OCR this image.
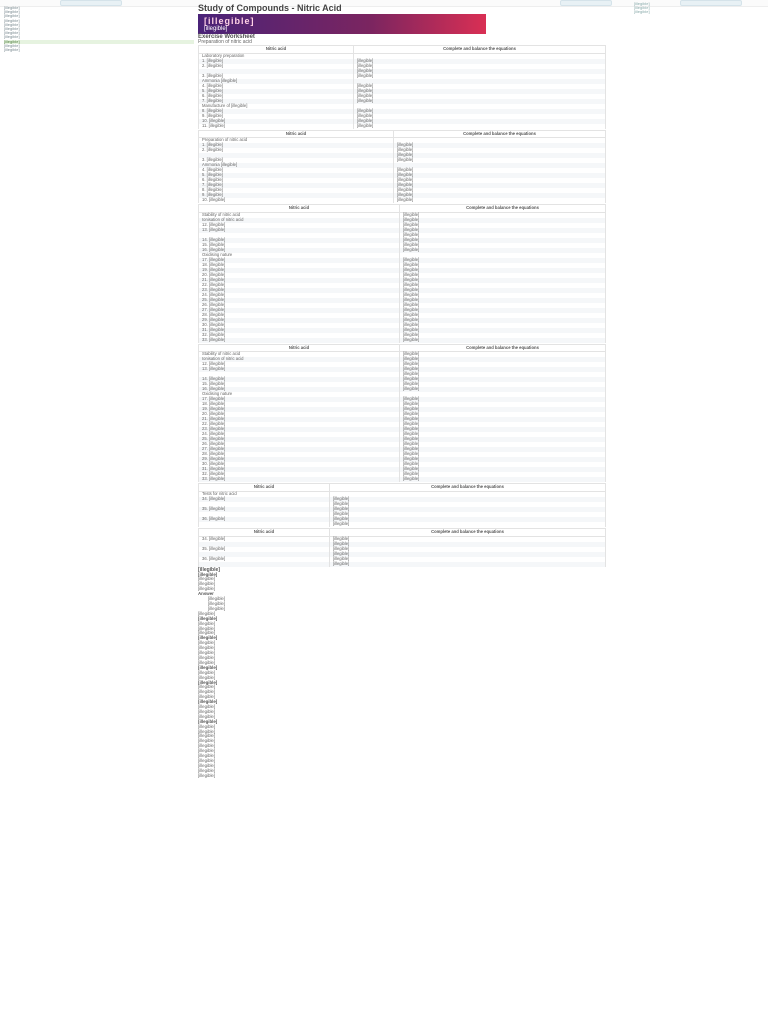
[illegible]
[illegible]
[illegible]
[illegible]
[illegible]
[illegible]
[illegible]
[illegible]
[illegible]
[illegible]
[illegible]
[illegible]
[illegible]
[illegible]
Study of Compounds - Nitric Acid
[illegible]
[illegible]
Exercise Worksheet
Preparation of nitric acid
Nitric acid	Complete and balance the equations
Laboratory preparation	
1. [illegible]	[illegible]
2. [illegible]	[illegible]
	[illegible]
3. [illegible]	[illegible]
Ammonia [illegible]	
4. [illegible]	[illegible]
5. [illegible]	[illegible]
6. [illegible]	[illegible]
7. [illegible]	[illegible]
Manufacture of [illegible]	
8. [illegible]	[illegible]
9. [illegible]	[illegible]
10. [illegible]	[illegible]
11. [illegible]	[illegible]
Nitric acid	Complete and balance the equations
Preparation of nitric acid	
1. [illegible]	[illegible]
2. [illegible]	[illegible]
	[illegible]
3. [illegible]	[illegible]
Ammonia [illegible]	
4. [illegible]	[illegible]
5. [illegible]	[illegible]
6. [illegible]	[illegible]
7. [illegible]	[illegible]
8. [illegible]	[illegible]
9. [illegible]	[illegible]
10. [illegible]	[illegible]
Nitric acid	Complete and balance the equations
Stability of nitric acid	[illegible]
Ionisation of nitric acid	[illegible]
12. [illegible]	[illegible]
13. [illegible]	[illegible]
	[illegible]
14. [illegible]	[illegible]
15. [illegible]	[illegible]
16. [illegible]	[illegible]
Oxidising nature	
17. [illegible]	[illegible]
18. [illegible]	[illegible]
19. [illegible]	[illegible]
20. [illegible]	[illegible]
21. [illegible]	[illegible]
22. [illegible]	[illegible]
23. [illegible]	[illegible]
24. [illegible]	[illegible]
25. [illegible]	[illegible]
26. [illegible]	[illegible]
27. [illegible]	[illegible]
28. [illegible]	[illegible]
29. [illegible]	[illegible]
30. [illegible]	[illegible]
31. [illegible]	[illegible]
32. [illegible]	[illegible]
33. [illegible]	[illegible]
Nitric acid	Complete and balance the equations
Stability of nitric acid	[illegible]
Ionisation of nitric acid	[illegible]
12. [illegible]	[illegible]
13. [illegible]	[illegible]
	[illegible]
14. [illegible]	[illegible]
15. [illegible]	[illegible]
16. [illegible]	[illegible]
Oxidising nature	
17. [illegible]	[illegible]
18. [illegible]	[illegible]
19. [illegible]	[illegible]
20. [illegible]	[illegible]
21. [illegible]	[illegible]
22. [illegible]	[illegible]
23. [illegible]	[illegible]
24. [illegible]	[illegible]
25. [illegible]	[illegible]
26. [illegible]	[illegible]
27. [illegible]	[illegible]
28. [illegible]	[illegible]
29. [illegible]	[illegible]
30. [illegible]	[illegible]
31. [illegible]	[illegible]
32. [illegible]	[illegible]
33. [illegible]	[illegible]
Nitric acid	Complete and balance the equations
Tests for nitric acid	
34. [illegible]	[illegible]
	[illegible]
35. [illegible]	[illegible]
	[illegible]
36. [illegible]	[illegible]
	[illegible]
Nitric acid	Complete and balance the equations
34. [illegible]	[illegible]
	[illegible]
35. [illegible]	[illegible]
	[illegible]
36. [illegible]	[illegible]
	[illegible]
[illegible]
[illegible]
[illegible]
[illegible]
[illegible]
Answer
[illegible]
[illegible]
[illegible]
[illegible]
[illegible]
[illegible]
[illegible]
[illegible]
[illegible]
[illegible]
[illegible]
[illegible]
[illegible]
[illegible]
[illegible]
[illegible]
[illegible]
[illegible]
[illegible]
[illegible]
[illegible]
[illegible]
[illegible]
[illegible]
[illegible]
[illegible]
[illegible]
[illegible]
[illegible]
[illegible]
[illegible]
[illegible]
[illegible]
[illegible]
[illegible]
[illegible]
[illegible]
